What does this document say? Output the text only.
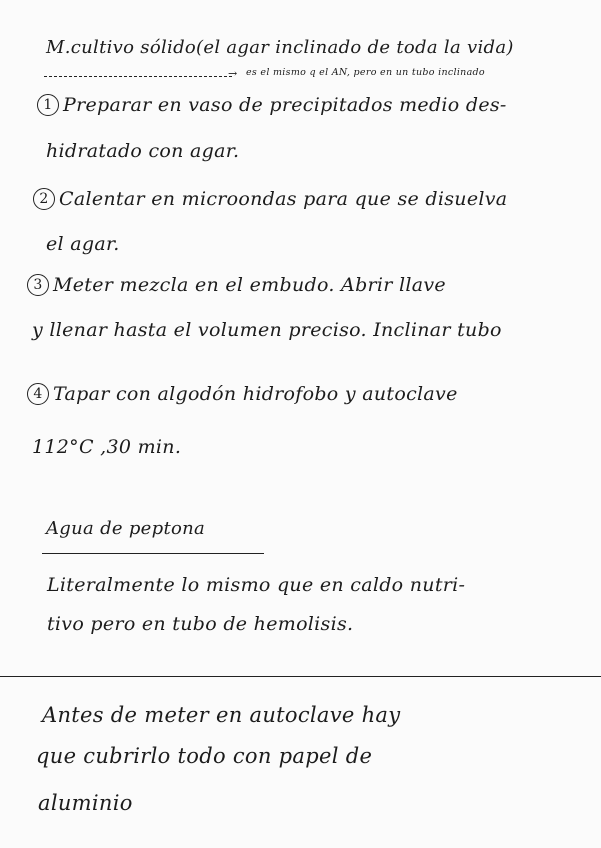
M.cultivo sólido(el agar inclinado de toda la vida)
→ es el mismo q el AN, pero en un tubo inclinado
1 Preparar en vaso de precipitados medio des-
hidratado con agar.
2 Calentar en microondas para que se disuelva
el agar.
3 Meter mezcla en el embudo. Abrir llave
y llenar hasta el volumen preciso. Inclinar tubo
4 Tapar con algodón hidrofobo y autoclave
112°C ,30 min.
Agua de peptona
Literalmente lo mismo que en caldo nutri-
tivo pero en tubo de hemolisis.
Antes de meter en autoclave hay
que cubrirlo todo con papel de
aluminio
